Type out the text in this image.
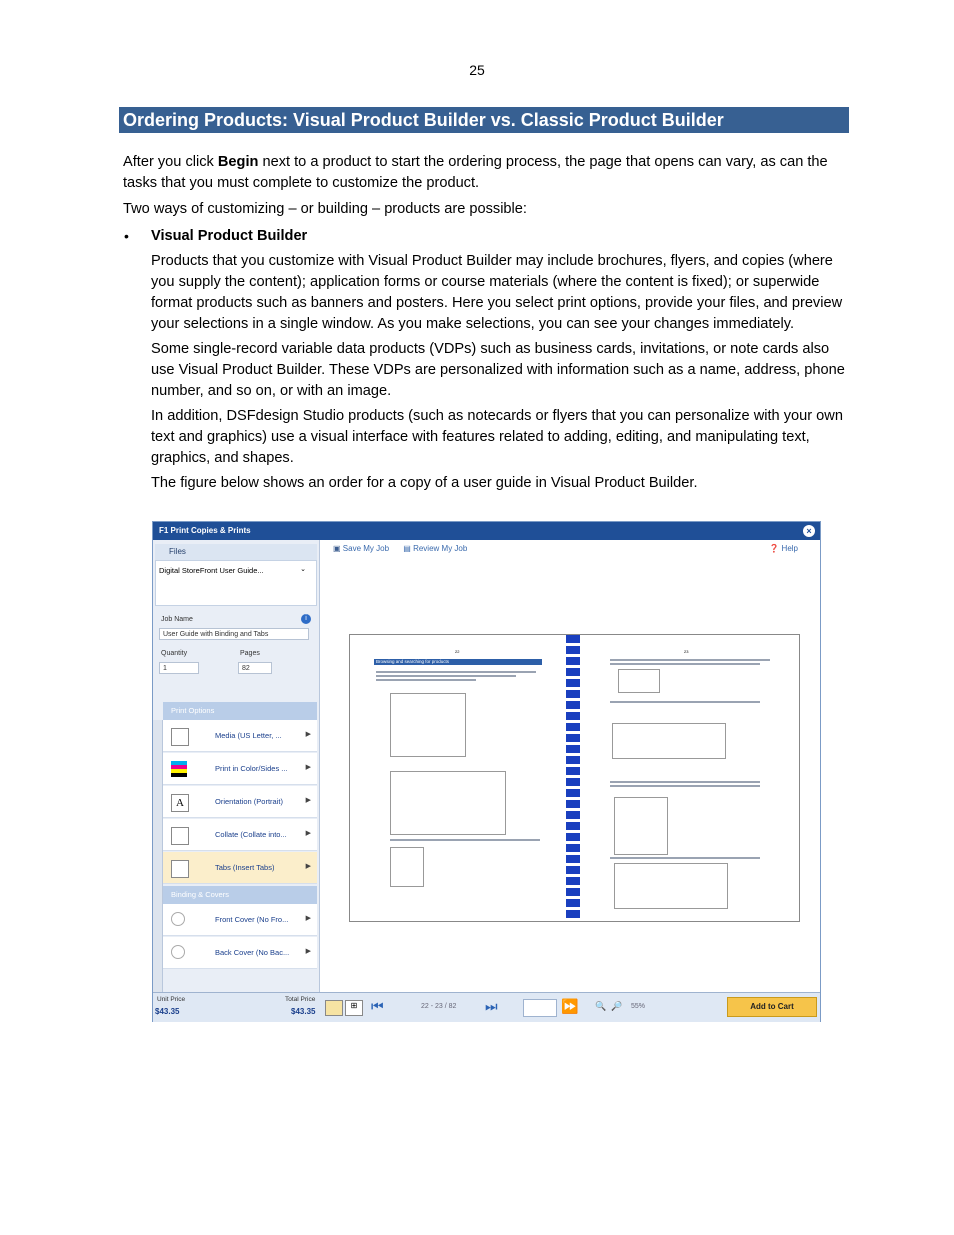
25
Ordering Products: Visual Product Builder vs. Classic Product Builder

After you click Begin next to a product to start the ordering process, the page that opens can vary, as can the tasks that you must complete to customize the product.

Two ways of customizing – or building – products are possible:

• Visual Product Builder

Products that you customize with Visual Product Builder may include brochures, flyers, and copies (where you supply the content); application forms or course materials (where the content is fixed); or superwide format products such as banners and posters. Here you select print options, provide your files, and preview your selections in a single window. As you make selections, you can see your changes immediately.

Some single-record variable data products (VDPs) such as business cards, invitations, or note cards also use Visual Product Builder. These VDPs are personalized with information such as a name, address, phone number, and so on, or with an image.

In addition, DSFdesign Studio products (such as notecards or flyers that you can personalize with your own text and graphics) use a visual interface with features related to adding, editing, and manipulating text, graphics, and shapes.

The figure below shows an order for a copy of a user guide in Visual Product Builder.

F1 Print Copies & Prints	×
Files
Digital StoreFront User Guide...	⌄
Job Name	i
User Guide with Binding and Tabs
Quantity	Pages
1	82
Print Options
Media (US Letter, ...	▶
Print in Color/Sides ...	▶
A	Orientation (Portrait)	▶
Collate (Collate into...	▶
Tabs (Insert Tabs)	▶
Binding & Covers
Front Cover (No Fro... ▶
Back Cover (No Bac... ▶
▣ Save My Job ▤ Review My Job	❓ Help
22	23
Browsing and searching for products
Unit Price
$43.35
Total Price
$43.35
⊞ ⏮	22 - 23 / 82 ⏭	⏩ 🔍 🔎 55%	Add to Cart
